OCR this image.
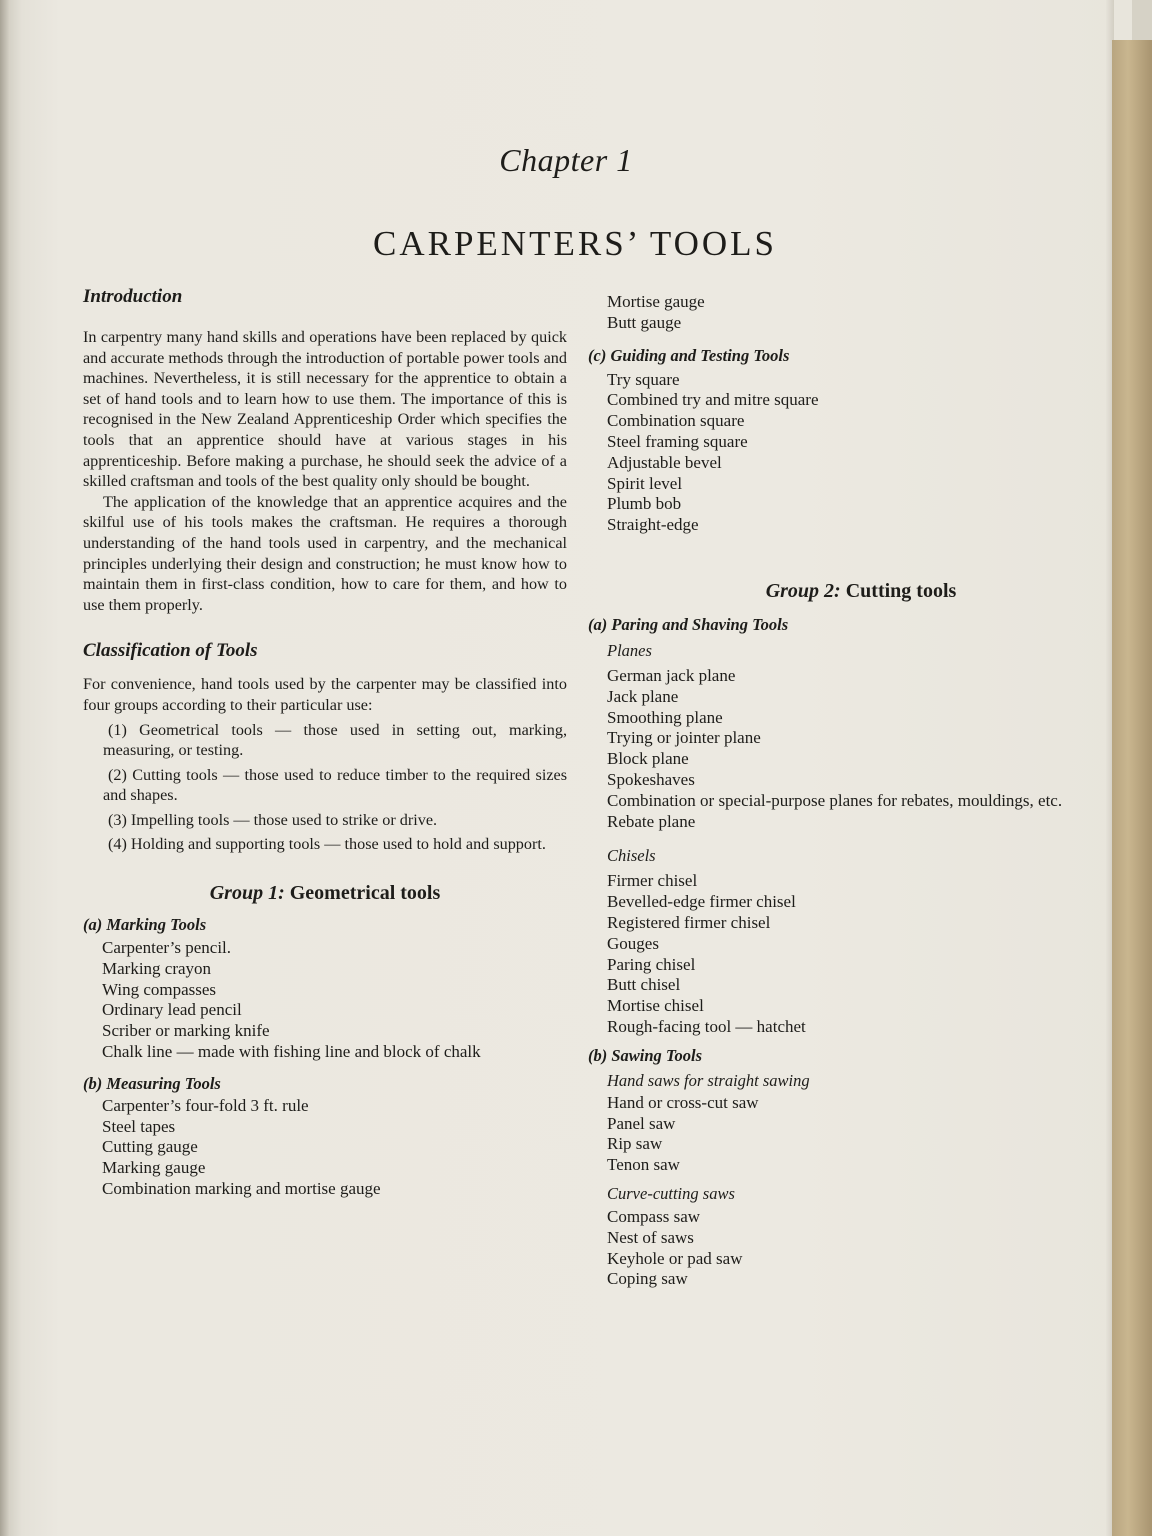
Chapter 1
CARPENTERS’ TOOLS

Introduction

In carpentry many hand skills and operations have been replaced by quick and accurate methods through the introduction of portable power tools and machines. Nevertheless, it is still necessary for the apprentice to obtain a set of hand tools and to learn how to use them. The importance of this is recognised in the New Zealand Apprenticeship Order which specifies the tools that an apprentice should have at various stages in his apprenticeship. Before making a purchase, he should seek the advice of a skilled craftsman and tools of the best quality only should be bought.

The application of the knowledge that an apprentice acquires and the skilful use of his tools makes the craftsman. He requires a thorough understanding of the hand tools used in carpentry, and the mechanical principles underlying their design and construction; he must know how to maintain them in first-class condition, how to care for them, and how to use them properly.

Classification of Tools

For convenience, hand tools used by the carpenter may be classified into four groups according to their particular use:

(1) Geometrical tools — those used in setting out, marking, measuring, or testing.

(2) Cutting tools — those used to reduce timber to the required sizes and shapes.

(3) Impelling tools — those used to strike or drive.

(4) Holding and supporting tools — those used to hold and support.

Group 1: Geometrical tools

(a) Marking Tools

Carpenter’s pencil.
Marking crayon
Wing compasses
Ordinary lead pencil
Scriber or marking knife
Chalk line — made with fishing line and block of chalk

(b) Measuring Tools

Carpenter’s four-fold 3 ft. rule
Steel tapes
Cutting gauge
Marking gauge
Combination marking and mortise gauge
Mortise gauge
Butt gauge

(c) Guiding and Testing Tools

Try square
Combined try and mitre square
Combination square
Steel framing square
Adjustable bevel
Spirit level
Plumb bob
Straight-edge

Group 2: Cutting tools

(a) Paring and Shaving Tools

Planes

German jack plane
Jack plane
Smoothing plane
Trying or jointer plane
Block plane
Spokeshaves
Combination or special-purpose planes for rebates, mouldings, etc.
Rebate plane

Chisels

Firmer chisel
Bevelled-edge firmer chisel
Registered firmer chisel
Gouges
Paring chisel
Butt chisel
Mortise chisel
Rough-facing tool — hatchet

(b) Sawing Tools

Hand saws for straight sawing

Hand or cross-cut saw
Panel saw
Rip saw
Tenon saw

Curve-cutting saws

Compass saw
Nest of saws
Keyhole or pad saw
Coping saw
